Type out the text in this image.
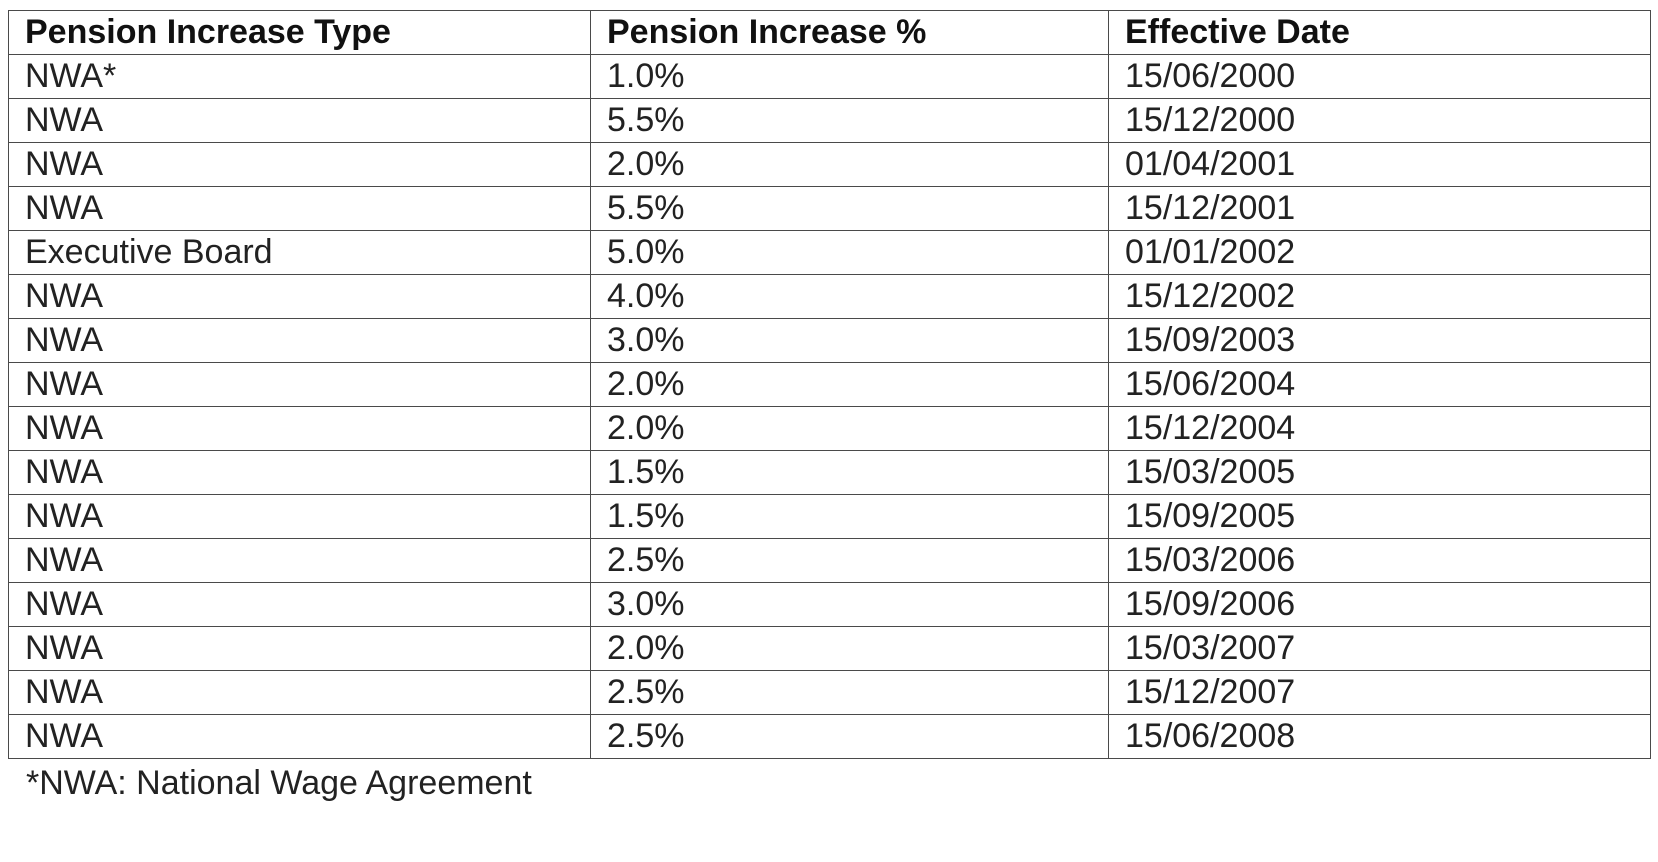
Pension Increase Type	Pension Increase %	Effective Date
NWA*	1.0%	15/06/2000
NWA	5.5%	15/12/2000
NWA	2.0%	01/04/2001
NWA	5.5%	15/12/2001
Executive Board	5.0%	01/01/2002
NWA	4.0%	15/12/2002
NWA	3.0%	15/09/2003
NWA	2.0%	15/06/2004
NWA	2.0%	15/12/2004
NWA	1.5%	15/03/2005
NWA	1.5%	15/09/2005
NWA	2.5%	15/03/2006
NWA	3.0%	15/09/2006
NWA	2.0%	15/03/2007
NWA	2.5%	15/12/2007
NWA	2.5%	15/06/2008
*NWA: National Wage Agreement
